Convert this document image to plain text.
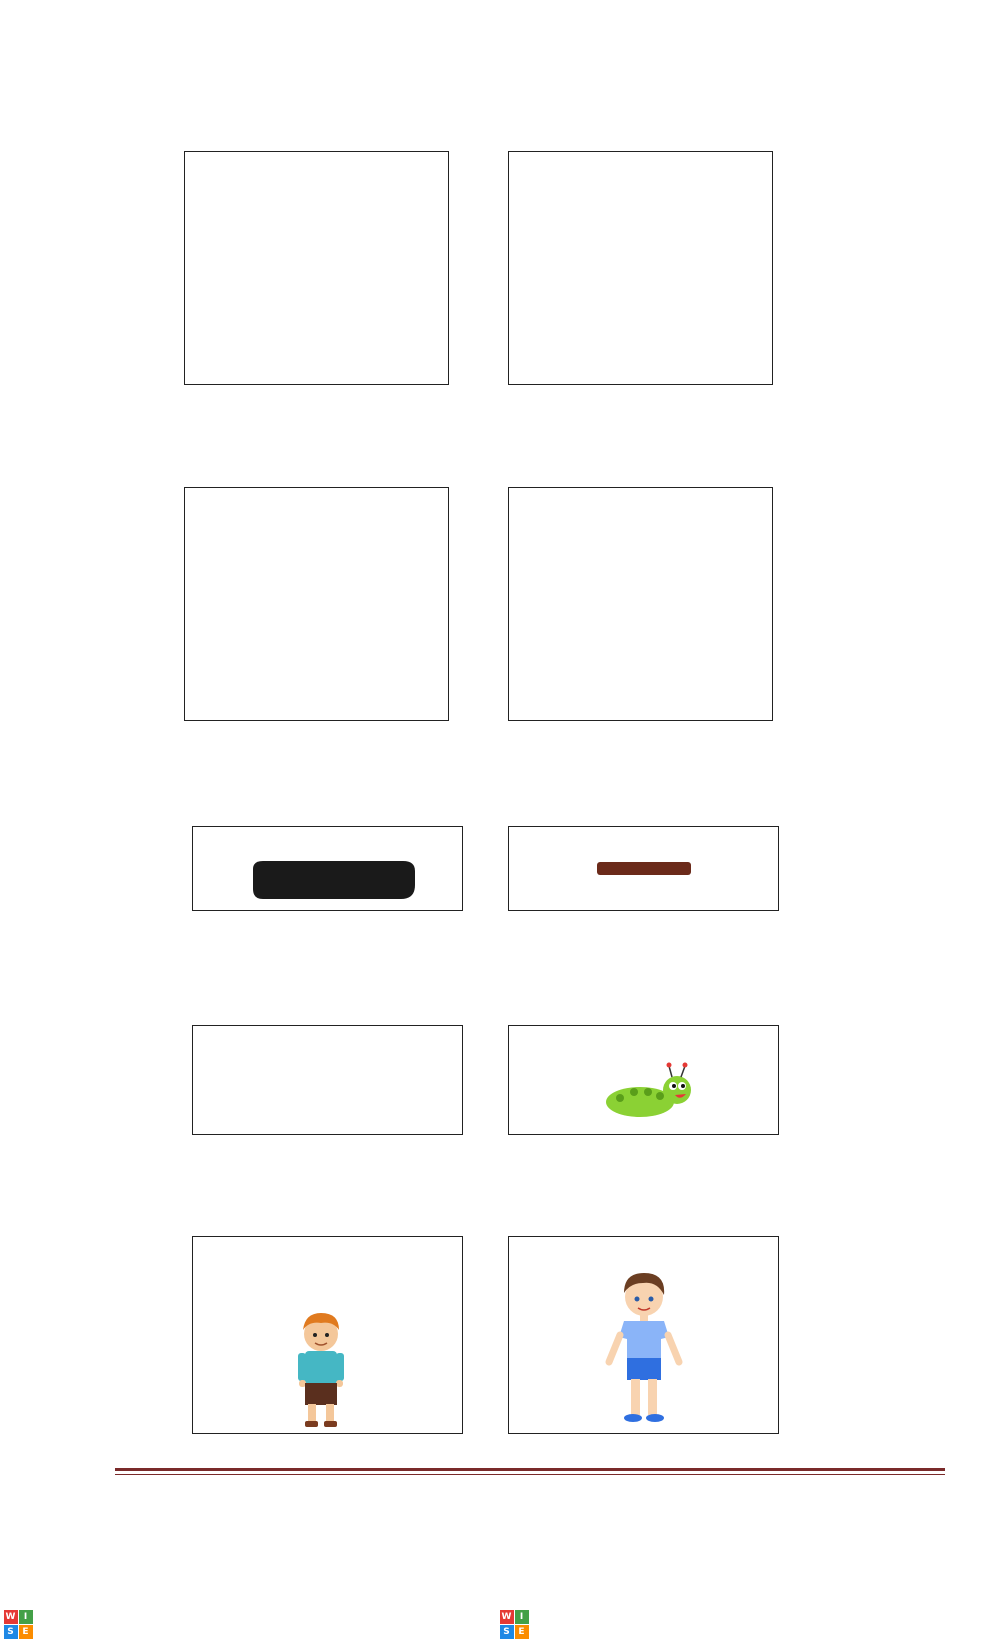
W I
S E
W I
S E
